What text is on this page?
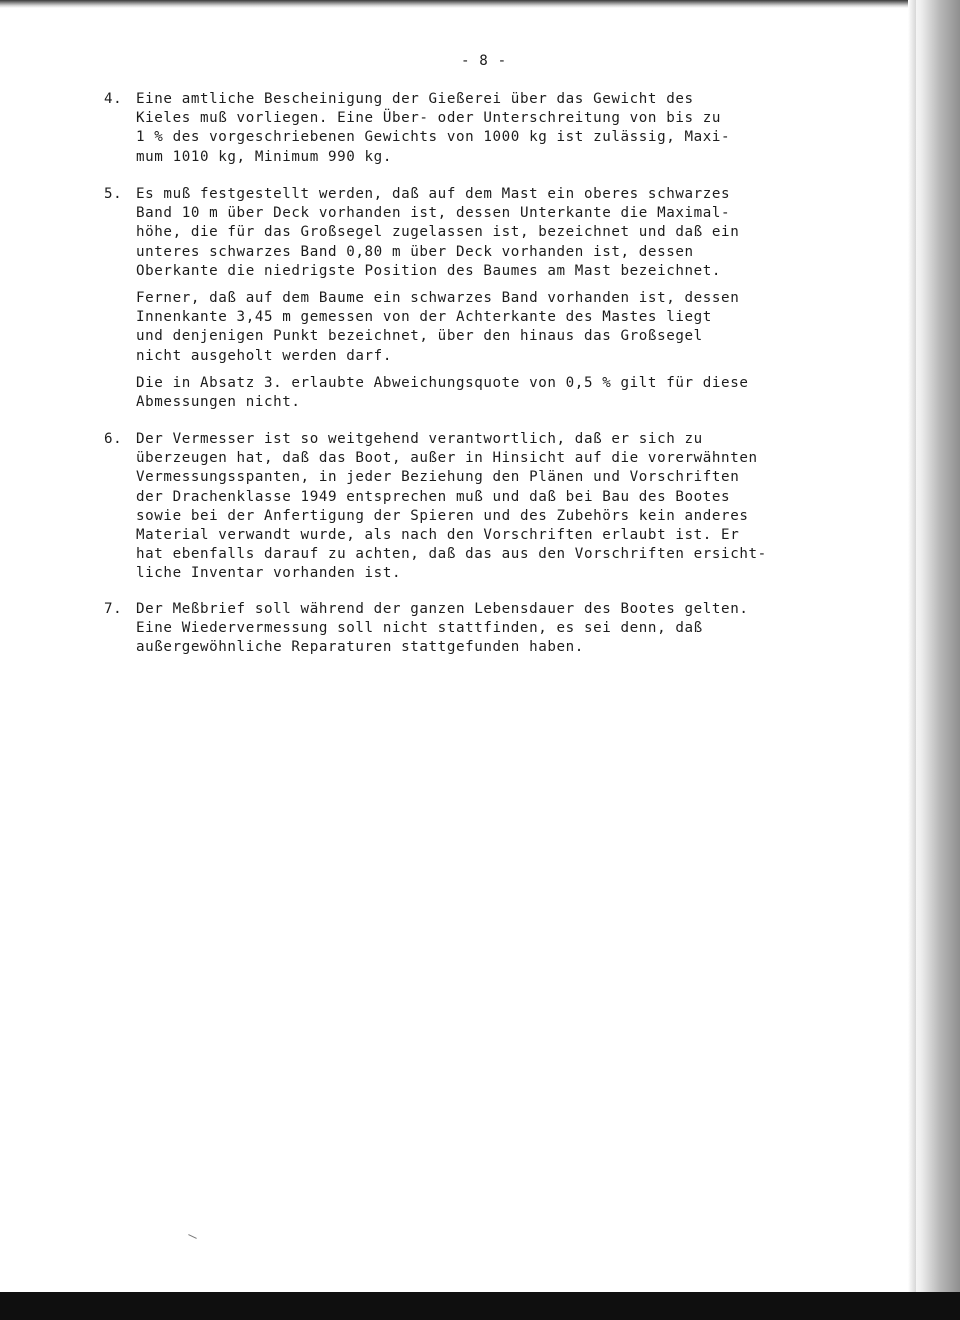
- 8 -
4. Eine amtliche Bescheinigung der Gießerei über das Gewicht des
Kieles muß vorliegen. Eine Über- oder Unterschreitung von bis zu
1 % des vorgeschriebenen Gewichts von 1000 kg ist zulässig, Maxi-
mum 1010 kg, Minimum 990 kg.

5. Es muß festgestellt werden, daß auf dem Mast ein oberes schwarzes
Band 10 m über Deck vorhanden ist, dessen Unterkante die Maximal-
höhe, die für das Großsegel zugelassen ist, bezeichnet und daß ein
unteres schwarzes Band 0,80 m über Deck vorhanden ist, dessen
Oberkante die niedrigste Position des Baumes am Mast bezeichnet.

Ferner, daß auf dem Baume ein schwarzes Band vorhanden ist, dessen
Innenkante 3,45 m gemessen von der Achterkante des Mastes liegt
und denjenigen Punkt bezeichnet, über den hinaus das Großsegel
nicht ausgeholt werden darf.

Die in Absatz 3. erlaubte Abweichungsquote von 0,5 % gilt für diese
Abmessungen nicht.

6. Der Vermesser ist so weitgehend verantwortlich, daß er sich zu
überzeugen hat, daß das Boot, außer in Hinsicht auf die vorerwähnten
Vermessungsspanten, in jeder Beziehung den Plänen und Vorschriften
der Drachenklasse 1949 entsprechen muß und daß bei Bau des Bootes
sowie bei der Anfertigung der Spieren und des Zubehörs kein anderes
Material verwandt wurde, als nach den Vorschriften erlaubt ist. Er
hat ebenfalls darauf zu achten, daß das aus den Vorschriften ersicht-
liche Inventar vorhanden ist.

7. Der Meßbrief soll während der ganzen Lebensdauer des Bootes gelten.
Eine Wiedervermessung soll nicht stattfinden, es sei denn, daß
außergewöhnliche Reparaturen stattgefunden haben.
